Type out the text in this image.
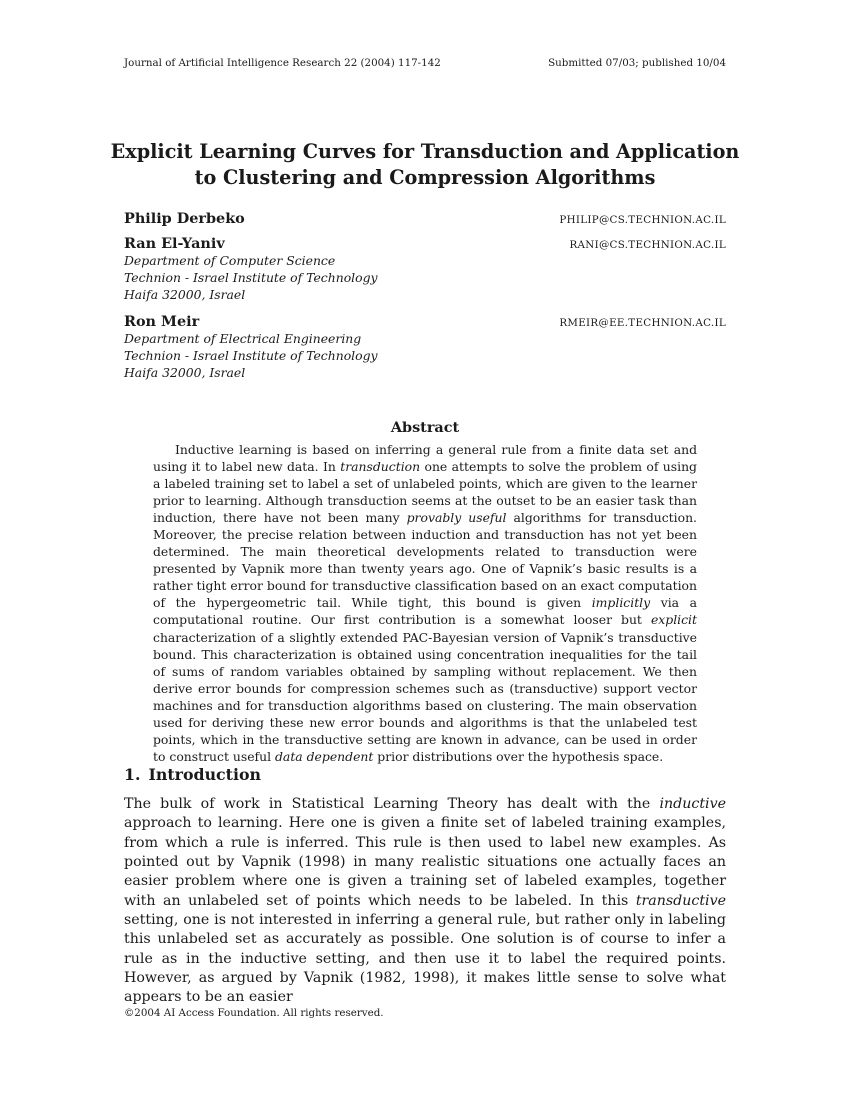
Journal of Artificial Intelligence Research 22 (2004) 117-142	Submitted 07/03; published 10/04
Explicit Learning Curves for Transduction and Application
to Clustering and Compression Algorithms
Philip Derbeko	PHILIP@CS.TECHNION.AC.IL
Ran El-Yaniv	RANI@CS.TECHNION.AC.IL
Department of Computer Science
Technion - Israel Institute of Technology
Haifa 32000, Israel
Ron Meir	RMEIR@EE.TECHNION.AC.IL
Department of Electrical Engineering
Technion - Israel Institute of Technology
Haifa 32000, Israel
Abstract

Inductive learning is based on inferring a general rule from a finite data set and using it to label new data. In transduction one attempts to solve the problem of using a labeled training set to label a set of unlabeled points, which are given to the learner prior to learning. Although transduction seems at the outset to be an easier task than induction, there have not been many provably useful algorithms for transduction. Moreover, the precise relation between induction and transduction has not yet been determined. The main theoretical developments related to transduction were presented by Vapnik more than twenty years ago. One of Vapnik’s basic results is a rather tight error bound for transductive classification based on an exact computation of the hypergeometric tail. While tight, this bound is given implicitly via a computational routine. Our first contribution is a somewhat looser but explicit characterization of a slightly extended PAC-Bayesian version of Vapnik’s transductive bound. This characterization is obtained using concentration inequalities for the tail of sums of random variables obtained by sampling without replacement. We then derive error bounds for compression schemes such as (transductive) support vector machines and for transduction algorithms based on clustering. The main observation used for deriving these new error bounds and algorithms is that the unlabeled test points, which in the transductive setting are known in advance, can be used in order to construct useful data dependent prior distributions over the hypothesis space.

1. Introduction

The bulk of work in Statistical Learning Theory has dealt with the inductive approach to learning. Here one is given a finite set of labeled training examples, from which a rule is inferred. This rule is then used to label new examples. As pointed out by Vapnik (1998) in many realistic situations one actually faces an easier problem where one is given a training set of labeled examples, together with an unlabeled set of points which needs to be labeled. In this transductive setting, one is not interested in inferring a general rule, but rather only in labeling this unlabeled set as accurately as possible. One solution is of course to infer a rule as in the inductive setting, and then use it to label the required points. However, as argued by Vapnik (1982, 1998), it makes little sense to solve what appears to be an easier

©2004 AI Access Foundation. All rights reserved.
